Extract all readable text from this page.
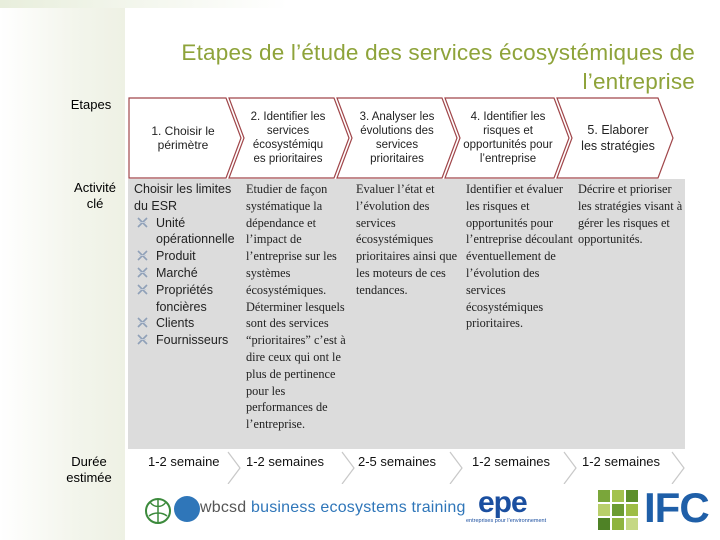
Etapes de l’étude des services écosystémiques de l’entreprise
Etapes
Activité clé
Durée estimée
1. Choisir le périmètre
2. Identifier les services écosystémiqu es prioritaires
3. Analyser les évolutions des services prioritaires
4. Identifier les risques et opportunités pour l’entreprise
5. Elaborer les stratégies
Choisir les limites du ESR
Unité opérationnelle
Produit
Marché
Propriétés foncières
Clients
Fournisseurs
Etudier de façon systématique la dépendance et l’impact de l’entreprise sur les systèmes écosystémiques. Déterminer lesquels sont des services “prioritaires” c’est à dire ceux qui ont le plus de pertinence pour les performances de l’entreprise.
Evaluer l’état et l’évolution des services écosystémiques prioritaires ainsi que les moteurs de ces tendances.
Identifier et évaluer les risques et opportunités pour l’entreprise découlant éventuellement de l’évolution des services écosystémiques prioritaires.
Décrire et prioriser les stratégies visant à gérer les risques et opportunités.
1-2 semaine 1-2 semaines	2-5 semaines	1-2 semaines 1-2 semaines
wbcsd business ecosystems training epe
entreprises pour l’environnement IFC
